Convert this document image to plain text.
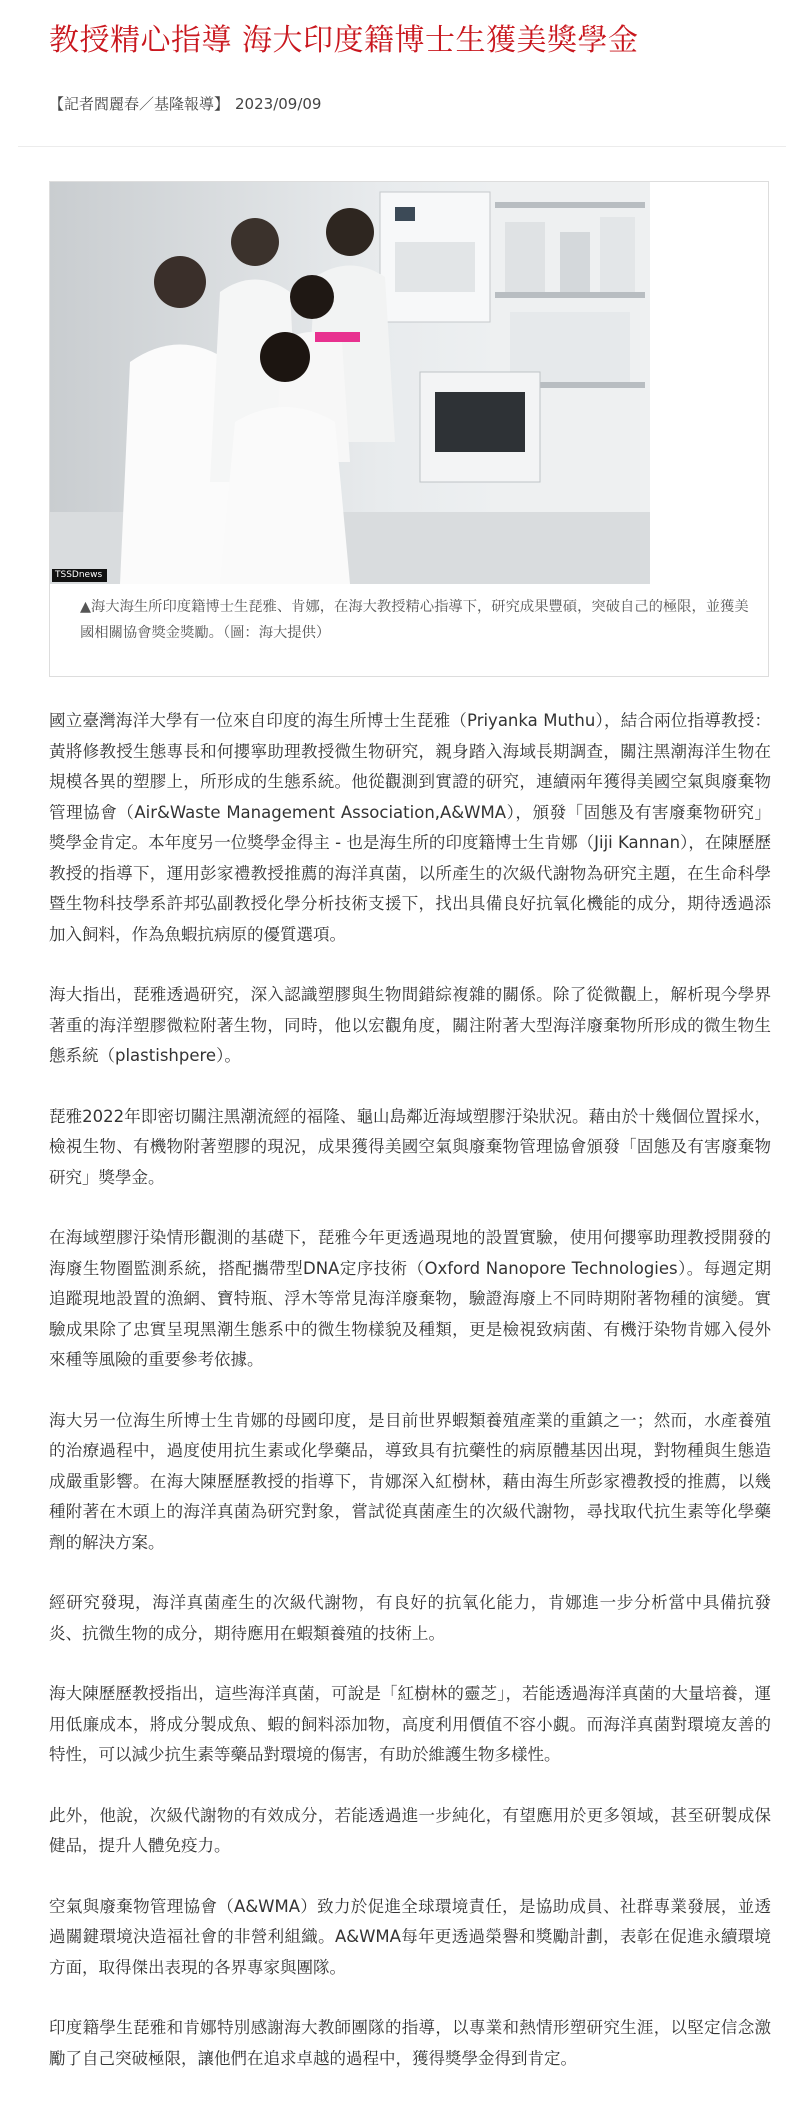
教授精心指導 海大印度籍博士生獲美獎學金
【記者閻麗春／基隆報導】 2023/09/09
TSSDnews

▲海大海生所印度籍博士生琵雅、肯娜，在海大教授精心指導下，研究成果豐碩，突破自己的極限，並獲美國相關協會獎金獎勵。（圖：海大提供）

國立臺灣海洋大學有一位來自印度的海生所博士生琵雅（Priyanka Muthu），結合兩位指導教授：黃將修教授生態專長和何攖寧助理教授微生物研究，親身踏入海域長期調查，關注黑潮海洋生物在規模各異的塑膠上，所形成的生態系統。他從觀測到實證的研究，連續兩年獲得美國空氣與廢棄物管理協會（Air&Waste Management Association,A&WMA），頒發「固態及有害廢棄物研究」獎學金肯定。本年度另一位獎學金得主 - 也是海生所的印度籍博士生肯娜（Jiji Kannan），在陳歷歷教授的指導下，運用彭家禮教授推薦的海洋真菌，以所產生的次級代謝物為研究主題，在生命科學暨生物科技學系許邦弘副教授化學分析技術支援下，找出具備良好抗氧化機能的成分，期待透過添加入飼料，作為魚蝦抗病原的優質選項。

海大指出，琵雅透過研究，深入認識塑膠與生物間錯綜複雜的關係。除了從微觀上，解析現今學界著重的海洋塑膠微粒附著生物，同時，他以宏觀角度，關注附著大型海洋廢棄物所形成的微生物生態系統（plastishpere）。

琵雅2022年即密切關注黑潮流經的福隆、龜山島鄰近海域塑膠汙染狀況。藉由於十幾個位置採水，檢視生物、有機物附著塑膠的現況，成果獲得美國空氣與廢棄物管理協會頒發「固態及有害廢棄物研究」獎學金。

在海域塑膠汙染情形觀測的基礎下，琵雅今年更透過現地的設置實驗，使用何攖寧助理教授開發的海廢生物圈監測系統，搭配攜帶型DNA定序技術（Oxford Nanopore Technologies）。每週定期追蹤現地設置的漁網、寶特瓶、浮木等常見海洋廢棄物，驗證海廢上不同時期附著物種的演變。實驗成果除了忠實呈現黑潮生態系中的微生物樣貌及種類，更是檢視致病菌、有機汙染物肯娜入侵外來種等風險的重要參考依據。

海大另一位海生所博士生肯娜的母國印度，是目前世界蝦類養殖產業的重鎮之一；然而，水產養殖的治療過程中，過度使用抗生素或化學藥品，導致具有抗藥性的病原體基因出現，對物種與生態造成嚴重影響。在海大陳歷歷教授的指導下，肯娜深入紅樹林，藉由海生所彭家禮教授的推薦，以幾種附著在木頭上的海洋真菌為研究對象，嘗試從真菌產生的次級代謝物，尋找取代抗生素等化學藥劑的解決方案。

經研究發現，海洋真菌產生的次級代謝物，有良好的抗氧化能力，肯娜進一步分析當中具備抗發炎、抗微生物的成分，期待應用在蝦類養殖的技術上。

海大陳歷歷教授指出，這些海洋真菌，可說是「紅樹林的靈芝」，若能透過海洋真菌的大量培養，運用低廉成本，將成分製成魚、蝦的飼料添加物，高度利用價值不容小覷。而海洋真菌對環境友善的特性，可以減少抗生素等藥品對環境的傷害，有助於維護生物多樣性。

此外，他說，次級代謝物的有效成分，若能透過進一步純化，有望應用於更多領域，甚至研製成保健品，提升人體免疫力。

空氣與廢棄物管理協會（A&WMA）致力於促進全球環境責任，是協助成員、社群專業發展，並透過關鍵環境決造福社會的非營利組織。A&WMA每年更透過榮譽和獎勵計劃，表彰在促進永續環境方面，取得傑出表現的各界專家與團隊。

印度籍學生琵雅和肯娜特別感謝海大教師團隊的指導，以專業和熱情形塑研究生涯，以堅定信念激勵了自己突破極限，讓他們在追求卓越的過程中，獲得獎學金得到肯定。
